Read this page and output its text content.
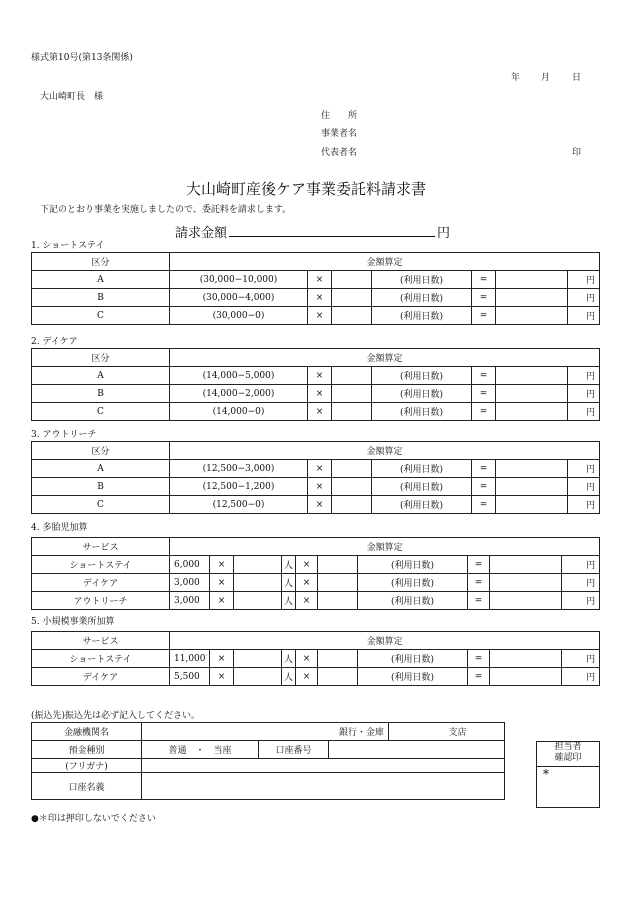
様式第10号(第13条関係)
年 月 日
大山崎町長　様
住　　所
事業者名
代表者名	印
大山崎町産後ケア事業委託料請求書
下記のとおり事業を実施しましたので、委託料を請求します。
請求金額	円
1. ショートステイ
区分	金額算定						
A	(30,000−10,000)	×		(利用日数)	=		円
B	(30,000−4,000)	×		(利用日数)	=		円
C	(30,000−0)	×		(利用日数)	=		円
2. デイケア
区分	金額算定						
A	(14,000−5,000)	×		(利用日数)	=		円
B	(14,000−2,000)	×		(利用日数)	=		円
C	(14,000−0)	×		(利用日数)	=		円
3. アウトリーチ
区分	金額算定						
A	(12,500−3,000)	×		(利用日数)	=		円
B	(12,500−1,200)	×		(利用日数)	=		円
C	(12,500−0)	×		(利用日数)	=		円
4. 多胎児加算
サービス	金額算定									
ショートステイ	6,000	×		人	×		(利用日数)	=		円
デイケア	3,000	×		人	×		(利用日数)	=		円
アウトリーチ	3,000	×		人	×		(利用日数)	=		円
5. 小規模事業所加算
サービス	金額算定									
ショートステイ	11,000	×		人	×		(利用日数)	=		円
デイケア	5,500	×		人	×		(利用日数)	=		円
(振込先)振込先は必ず記入してください。
金融機関名	銀行・金庫				支店
預金種別	普通　・　当座	口座番号			
(フリガナ)					
口座名義					
担当者
確認印
*
●＊印は押印しないでください
